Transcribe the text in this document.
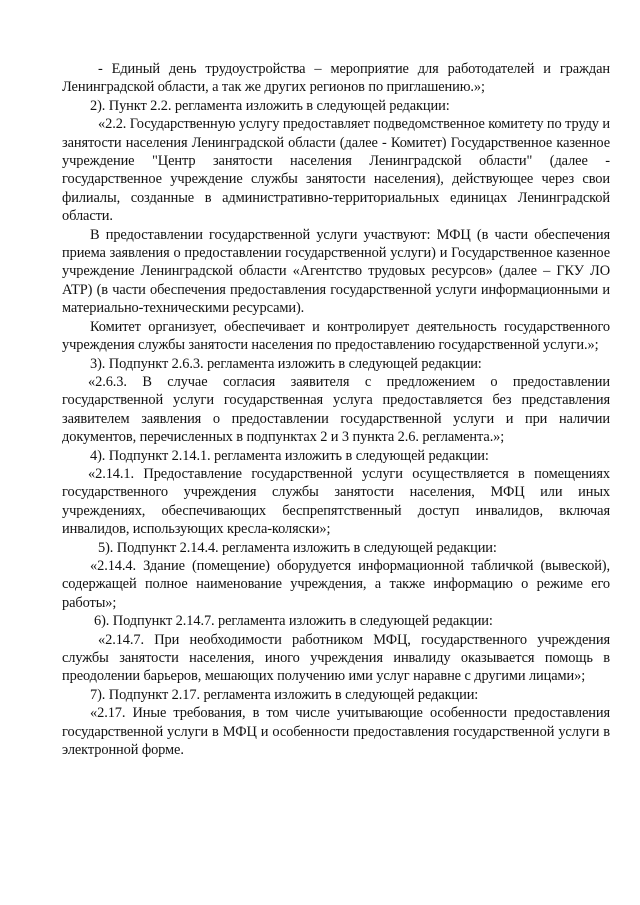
- Единый день трудоустройства – мероприятие для работодателей и граждан Ленинградской области, а так же других регионов по приглашению.»;

2). Пункт 2.2. регламента изложить в следующей редакции:

«2.2. Государственную услугу предоставляет подведомственное комитету по труду и занятости населения Ленинградской области (далее - Комитет) Государственное казенное учреждение "Центр занятости населения Ленинградской области" (далее - государственное учреждение службы занятости населения), действующее через свои филиалы, созданные в административно-территориальных единицах Ленинградской области.

В предоставлении государственной услуги участвуют: МФЦ (в части обеспечения приема заявления о предоставлении государственной услуги) и Государственное казенное учреждение Ленинградской области «Агентство трудовых ресурсов» (далее – ГКУ ЛО АТР) (в части обеспечения предоставления государственной услуги информационными и материально-техническими ресурсами).

Комитет организует, обеспечивает и контролирует деятельность государственного учреждения службы занятости населения по предоставлению государственной услуги.»;

3). Подпункт 2.6.3. регламента изложить в следующей редакции:

«2.6.3. В случае согласия заявителя с предложением о предоставлении государственной услуги государственная услуга предоставляется без представления заявителем заявления о предоставлении государственной услуги и при наличии документов, перечисленных в подпунктах 2 и 3 пункта 2.6. регламента.»;

4). Подпункт 2.14.1. регламента изложить в следующей редакции:

«2.14.1. Предоставление государственной услуги осуществляется в помещениях государственного учреждения службы занятости населения, МФЦ или иных учреждениях, обеспечивающих беспрепятственный доступ инвалидов, включая инвалидов, использующих кресла-коляски»;

5). Подпункт 2.14.4. регламента изложить в следующей редакции:

«2.14.4. Здание (помещение) оборудуется информационной табличкой (вывеской), содержащей полное наименование учреждения, а также информацию о режиме его работы»;

6). Подпункт 2.14.7. регламента изложить в следующей редакции:

«2.14.7. При необходимости работником МФЦ, государственного учреждения службы занятости населения, иного учреждения инвалиду оказывается помощь в преодолении барьеров, мешающих получению ими услуг наравне с другими лицами»;

7). Подпункт 2.17. регламента изложить в следующей редакции:

«2.17. Иные требования, в том числе учитывающие особенности предоставления государственной услуги в МФЦ и особенности предоставления государственной услуги в электронной форме.
